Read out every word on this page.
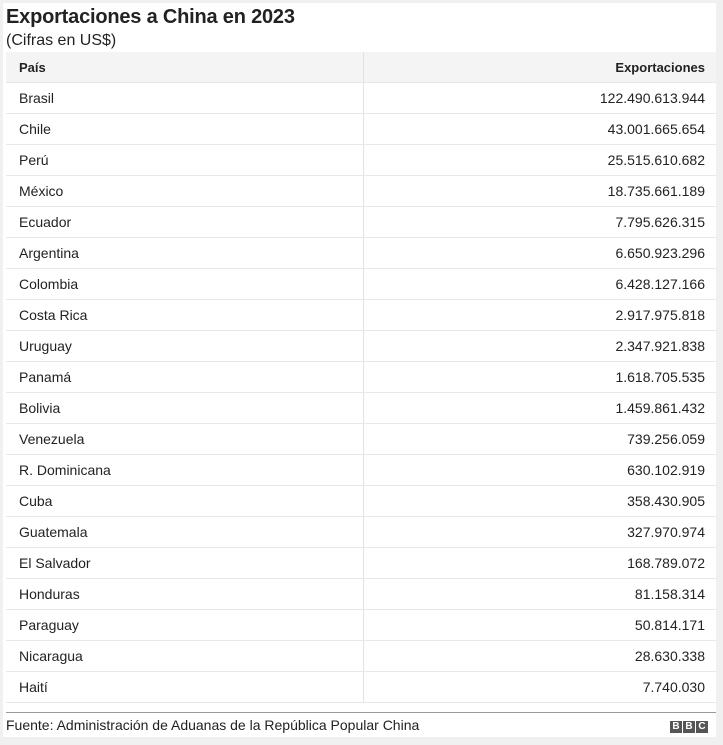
Exportaciones a China en 2023
(Cifras en US$)
País	Exportaciones
Brasil	122.490.613.944
Chile	43.001.665.654
Perú	25.515.610.682
México	18.735.661.189
Ecuador	7.795.626.315
Argentina	6.650.923.296
Colombia	6.428.127.166
Costa Rica	2.917.975.818
Uruguay	2.347.921.838
Panamá	1.618.705.535
Bolivia	1.459.861.432
Venezuela	739.256.059
R. Dominicana	630.102.919
Cuba	358.430.905
Guatemala	327.970.974
El Salvador	168.789.072
Honduras	81.158.314
Paraguay	50.814.171
Nicaragua	28.630.338
Haití	7.740.030
Fuente: Administración de Aduanas de la República Popular China	B B C
